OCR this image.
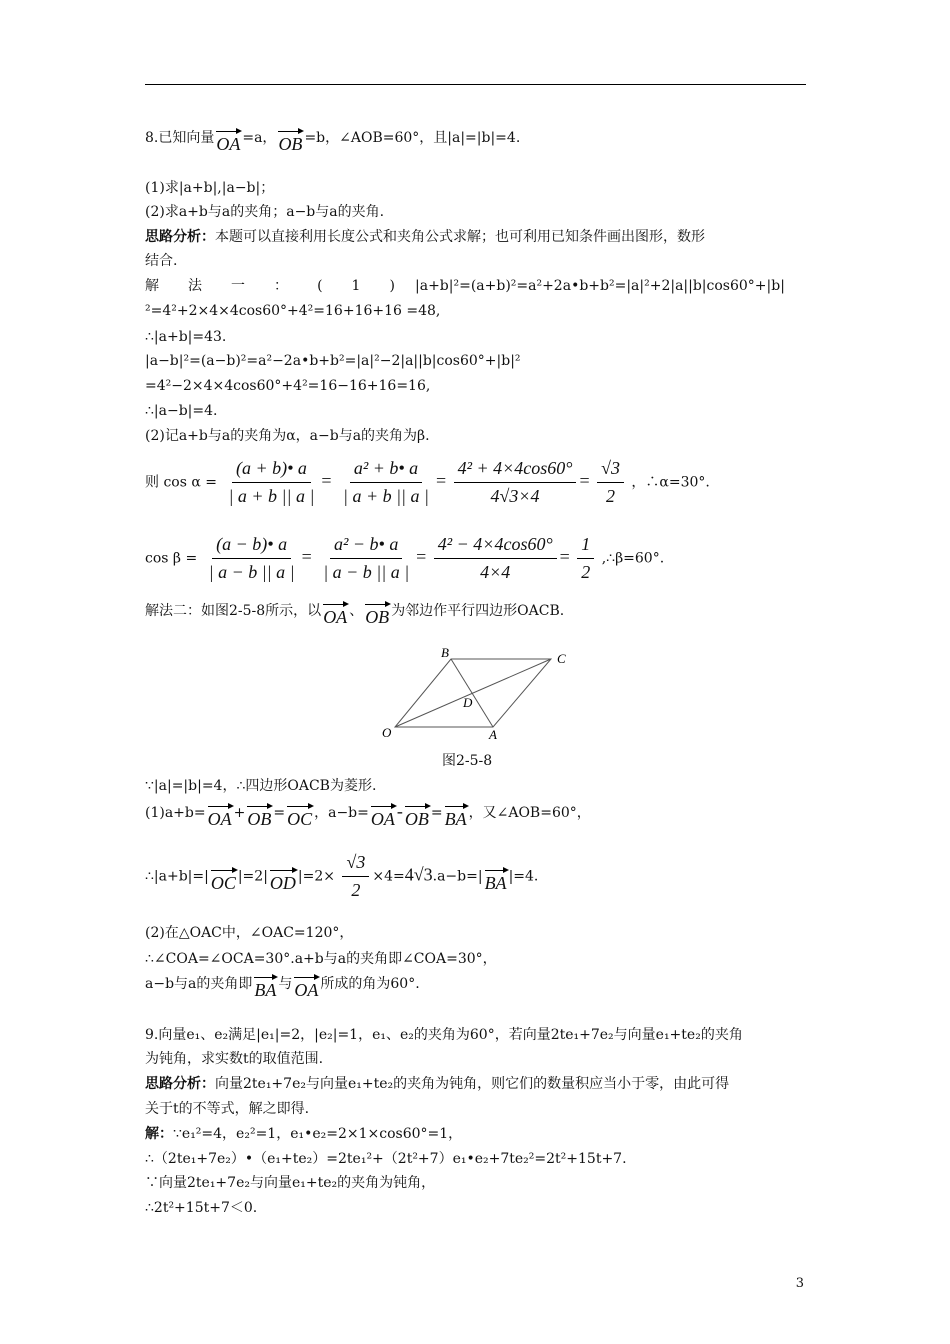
8.已知向量 OA =a， OB =b，∠AOB=60°，且|a|=|b|=4.
(1)求|a+b|,|a−b|；
(2)求a+b与a的夹角；a−b与a的夹角.
思路分析：本题可以直接利用长度公式和夹角公式求解；也可利用已知条件画出图形，数形
结合.
解 法 一 ： ( 1 ) |a+b|²=(a+b)²=a²+2a•b+b²=|a|²+2|a||b|cos60°+|b|
²=4²+2×4×4cos60°+4²=16+16+16 =48,
∴|a+b|=43.
|a−b|²=(a−b)²=a²−2a•b+b²=|a|²−2|a||b|cos60°+|b|²
=4²−2×4×4cos60°+4²=16−16+16=16,
∴|a−b|=4.
(2)记a+b与a的夹角为α，a−b与a的夹角为β.
则 $\cos \alpha = \frac{(a + b)• a}{| a + b || a |} = \frac{\text{a² + b• a}}{| a + b || a |} = \frac{\text{4² + 4×4cos60°}}{4√3\times 4} = \frac{√3}{2}$ ，∴α=30°.
$\cos \beta = \frac{(a - b)• a}{| a - b || a |} = \frac{\text{a² − b• a}}{| a - b || a |} = \frac{\text{4² − 4×4cos60°}}{4\times 4} = \frac{1}{2}$ ,∴β=60°.
解法二：如图2-5-8所示，以 OA 、 OB 为邻边作平行四边形OACB.
B	C
D
O	A
图2-5-8
∵|a|=|b|=4，∴四边形OACB为菱形.
(1)a+b= OA + OB = OC ，a−b= OA - OB = BA ，又∠AOB=60°，
∴|a+b|=| OC |=2| OD $|=2\times \frac{√3}{2} \times 4=4√3.a-b=|$ BA |=4.
(2)在△OAC中，∠OAC=120°，
∴∠COA=∠OCA=30°.a+b与a的夹角即∠COA=30°，
a−b与a的夹角即 BA 与 OA 所成的角为60°.
9.向量e₁、e₂满足|e₁|=2，|e₂|=1，e₁、e₂的夹角为60°，若向量2te₁+7e₂与向量e₁+te₂的夹角
为钝角，求实数t的取值范围.
思路分析：向量2te₁+7e₂与向量e₁+te₂的夹角为钝角，则它们的数量积应当小于零，由此可得
关于t的不等式，解之即得.
解：∵e₁²=4，e₂²=1，e₁•e₂=2×1×cos60°=1，
∴（2te₁+7e₂）•（e₁+te₂）=2te₁²+（2t²+7）e₁•e₂+7te₂²=2t²+15t+7.
∵向量2te₁+7e₂与向量e₁+te₂的夹角为钝角，
∴2t²+15t+7＜0.
3
